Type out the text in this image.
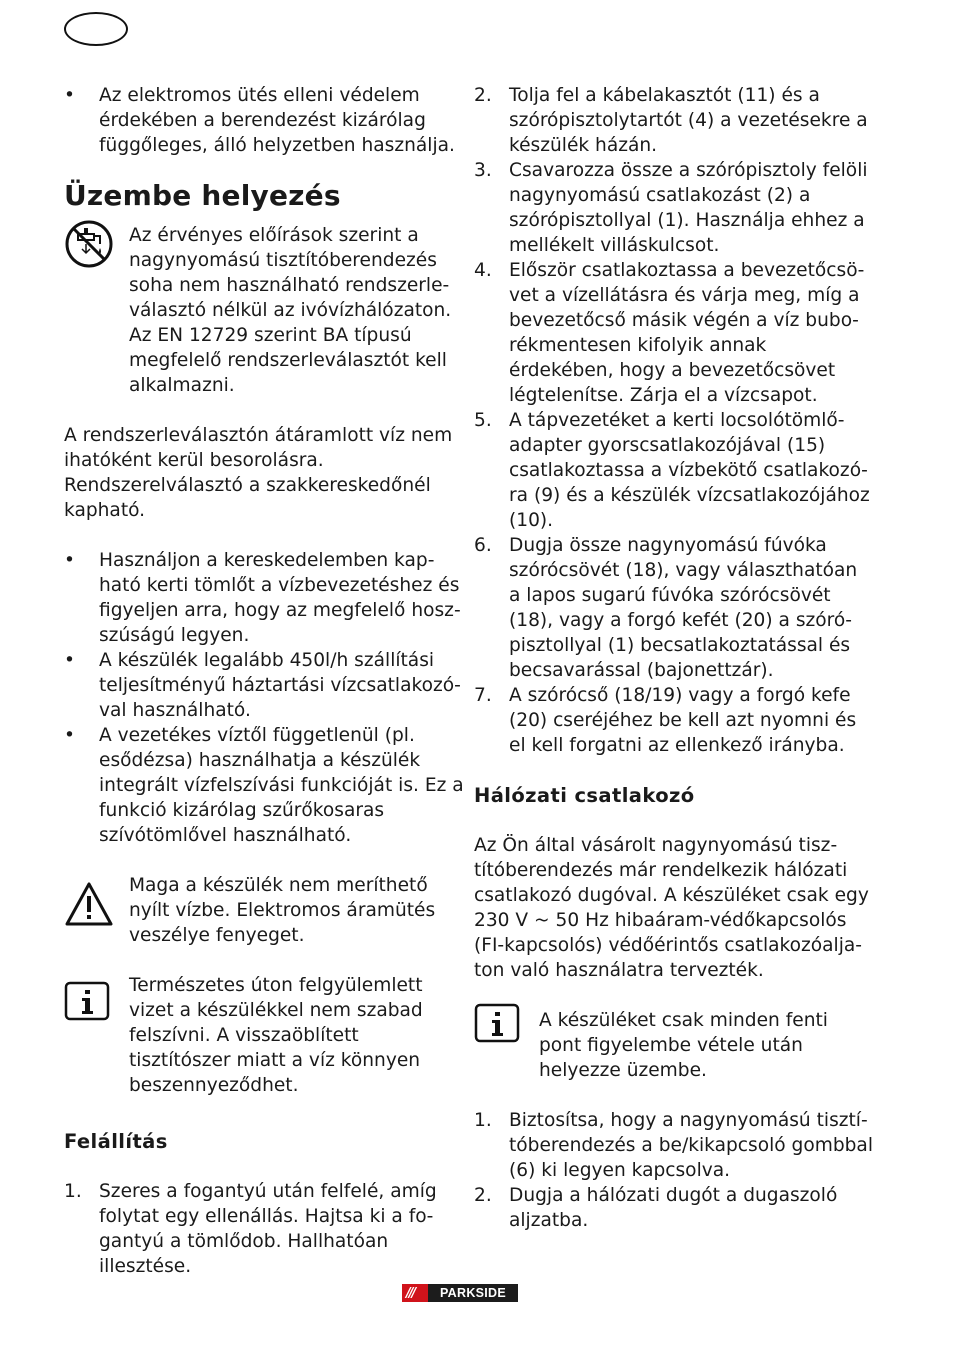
• Az elektromos ütés elleni védelem érdekében a berendezést kizárólag függőleges, álló helyzetben használja.
Üzembe helyezés

Az érvényes előírások szerint a nagynyomású tisztítóberendezés soha nem használható rendszerleválasztó nélkül az ivóvízhálózaton. Az EN 12729 szerint BA típusú megfelelő rendszerleválasztót kell alkalmazni.

A rendszerleválasztón átáramlott víz nem ihatóként kerül besorolásra. Rendszerelválasztó a szakkereskedőnél kapható.

• Használjon a kereskedelemben kapható kerti tömlőt a vízbevezetéshez és figyeljen arra, hogy az megfelelő hoszszúságú legyen.
• A készülék legalább 450l/h szállítási teljesítményű háztartási vízcsatlakozóval használható.
• A vezetékes víztől függetlenül (pl. esődézsa) használhatja a készülék integrált vízfelszívási funkcióját is. Ez a funkció kizárólag szűrőkosaras szívótömlővel használható.

Maga a készülék nem meríthető nyílt vízbe. Elektromos áramütés veszélye fenyeget.

Természetes úton felgyülemlett vizet a készülékkel nem szabad felszívni. A visszaöblített tisztítószer miatt a víz könnyen beszennyeződhet.

Felállítás
1. Szeres a fogantyú után felfelé, amíg folytat egy ellenállás. Hajtsa ki a fogantyú a tömlődob. Hallhatóan illesztése.
2. Tolja fel a kábelakasztót (11) és a szórópisztolytartót (4) a vezetésekre a készülék házán.
3. Csavarozza össze a szórópisztoly felöli nagynyomású csatlakozást (2) a szórópisztollyal (1). Használja ehhez a mellékelt villáskulcsot.
4. Először csatlakoztassa a bevezetőcsövet a vízellátásra és várja meg, míg a bevezetőcső másik végén a víz buborékmentesen kifolyik annak érdekében, hogy a bevezetőcsövet légtelenítse. Zárja el a vízcsapot.
5. A tápvezetéket a kerti locsolótömlőadapter gyorscsatlakozójával (15) csatlakoztassa a vízbekötő csatlakozóra (9) és a készülék vízcsatlakozójához (10).
6. Dugja össze nagynyomású fúvóka szórócsövét (18), vagy választhatóan a lapos sugarú fúvóka szórócsövét (18), vagy a forgó kefét (20) a szórópisztollyal (1) becsatlakoztatással és becsavarással (bajonettzár).
7. A szórócső (18/19) vagy a forgó kefe (20) cseréjéhez be kell azt nyomni és el kell forgatni az ellenkező irányba.
Hálózati csatlakozó

Az Ön által vásárolt nagynyomású tisztítóberendezés már rendelkezik hálózati csatlakozó dugóval. A készüléket csak egy 230 V ~ 50 Hz hibaáram-védőkapcsolós (FI-kapcsolós) védőérintős csatlakozóaljaton való használatra tervezték.

A készüléket csak minden fenti pont figyelembe vétele után helyezze üzembe.

1. Biztosítsa, hogy a nagynyomású tisztítóberendezés a be/kikapcsoló gombbal (6) ki legyen kapcsolva.
2. Dugja a hálózati dugót a dugaszoló aljzatba.
///	PARKSIDE
